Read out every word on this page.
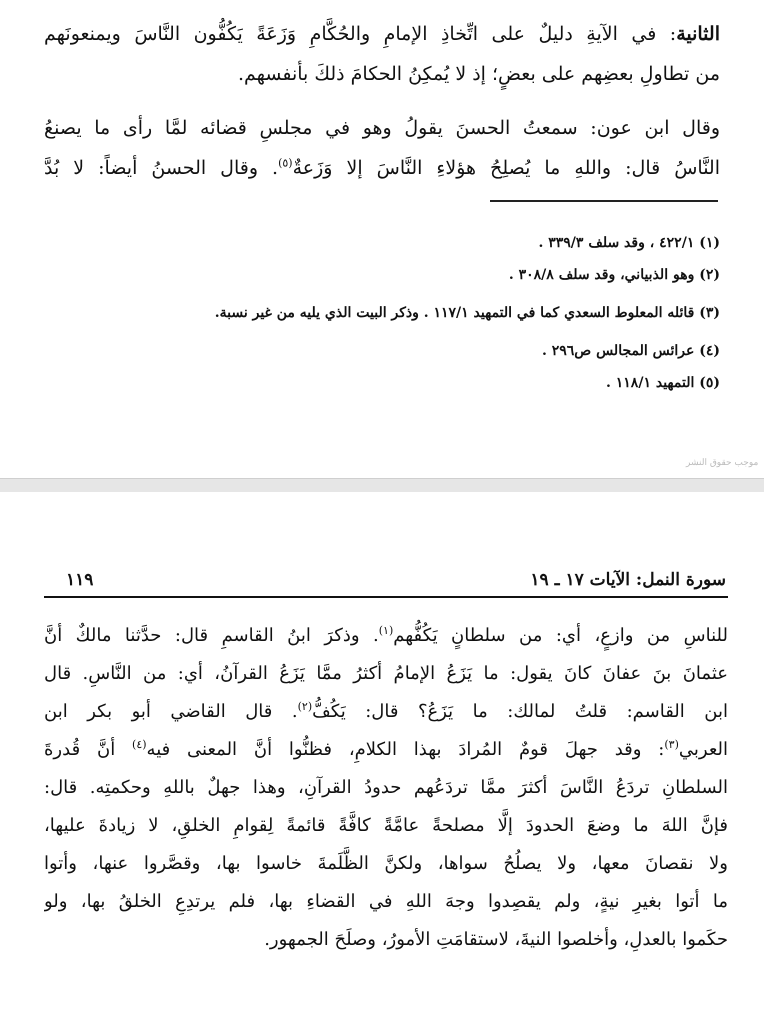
الثانية: في الآيةِ دليلٌ على اتِّخاذِ الإمامِ والحُكَّامِ وَزَعَةً يَكُفُّون النَّاسَ ويمنعونَهم
من تطاولِ بعضِهم على بعضٍ؛ إذ لا يُمكِنُ الحكامَ ذلكَ بأنفسهم.
وقال ابن عون: سمعتُ الحسنَ يقولُ وهو في مجلسِ قضائه لمَّا رأى ما يصنعُ
النَّاسُ قال: واللهِ ما يُصلِحُ هؤلاءِ النَّاسَ إلا وَزَعةٌ$^{(٥)}$. وقال الحسنُ أيضاً: لا بُدَّ
(١) ٤٢٢/١ ، وقد سلف ٣٣٩/٣ .
(٢) وهو الذبياني، وقد سلف ٣٠٨/٨ .
(٣) قائله المعلوط السعدي كما في التمهيد ١١٧/١ . وذكر البيت الذي يليه من غير نسبة.
(٤) عرائس المجالس ص٢٩٦ .
(٥) التمهيد ١١٨/١ .
موجب حقوق النشر
سورة النمل: الآيات ١٧ ـ ١٩
١١٩
للناسِ من وازعٍ، أي: من سلطانٍ يَكُفُّهم$^{(١)}$. وذكرَ ابنُ القاسمِ قال: حدَّثنا مالكٌ أنَّ
عثمانَ بنَ عفانَ كانَ يقول: ما يَزَعُ الإمامُ أكثرُ ممَّا يَزَعُ القرآنُ، أي: من النَّاسِ. قال
ابن القاسم: قلتُ لمالك: ما يَزَعُ؟ قال: يَكُفُّ$^{(٢)}$. قال القاضي أبو بكر ابن
العربي$^{(٣)}$: وقد جهلَ قومٌ المُرادَ بهذا الكلامِ، فظنُّوا أنَّ المعنى فيه$^{(٤)}$ أنَّ قُدرةَ
السلطانِ تردَعُ النَّاسَ أكثرَ ممَّا تردَعُهم حدودُ القرآنِ، وهذا جهلٌ باللهِ وحكمتِه. قال:
فإنَّ اللهَ ما وضعَ الحدودَ إلَّا مصلحةً عامَّةً كافَّةً قائمةً لِقوامِ الخلقِ، لا زيادةَ عليها،
ولا نقصانَ معها، ولا يصلُحُ سواها، ولكنَّ الظَّلَمةَ خاسوا بها، وقصَّروا عنها، وأتوا
ما أتوا بغيرِ نيةٍ، ولم يقصِدوا وجهَ اللهِ في القضاءِ بها، فلم يرتدِعِ الخلقُ بها، ولو
حكَموا بالعدلِ، وأخلصوا النيةَ، لاستقامَتِ الأمورُ، وصلَحَ الجمهور.
